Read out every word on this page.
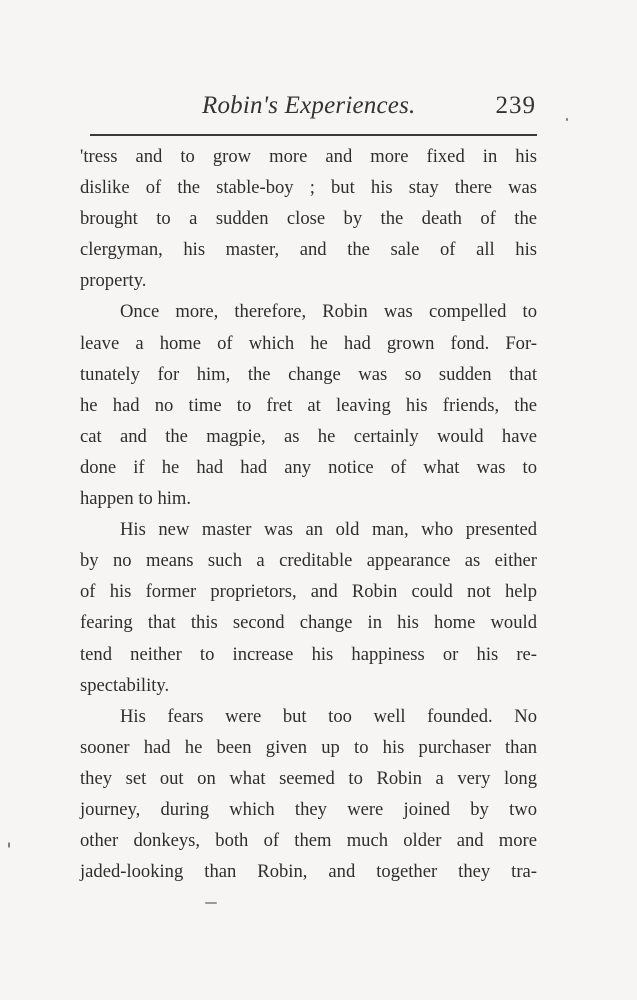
Robin's Experiences.	239

'tress and to grow more and more fixed in his
dislike of the stable-boy ; but his stay there was
brought to a sudden close by the death of the
clergyman, his master, and the sale of all his
property.

Once more, therefore, Robin was compelled to
leave a home of which he had grown fond. For-
tunately for him, the change was so sudden that
he had no time to fret at leaving his friends, the
cat and the magpie, as he certainly would have
done if he had had any notice of what was to
happen to him.

His new master was an old man, who presented
by no means such a creditable appearance as either
of his former proprietors, and Robin could not help
fearing that this second change in his home would
tend neither to increase his happiness or his re-
spectability.

His fears were but too well founded. No
sooner had he been given up to his purchaser than
they set out on what seemed to Robin a very long
journey, during which they were joined by two
other donkeys, both of them much older and more
jaded-looking than Robin, and together they tra-
